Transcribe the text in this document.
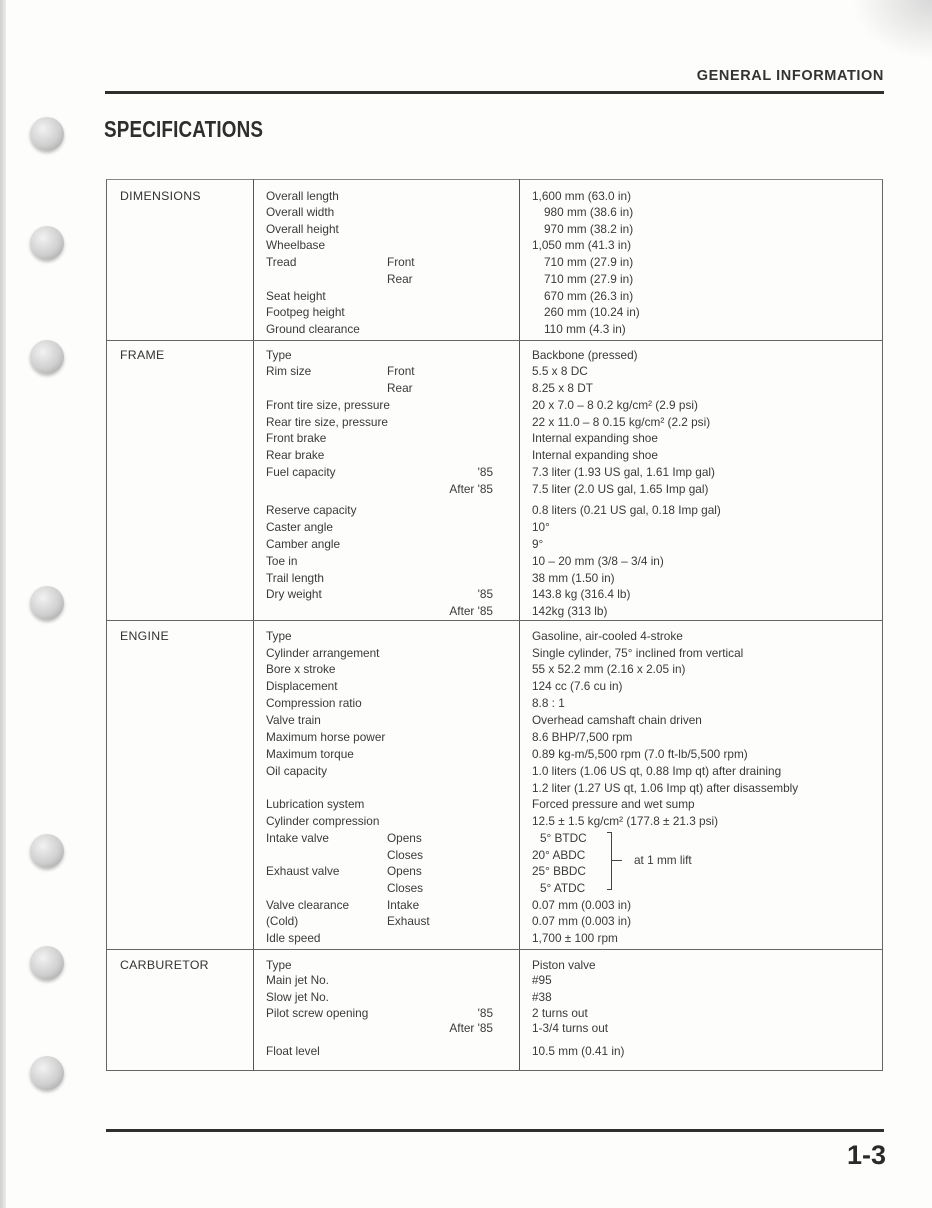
GENERAL INFORMATION
SPECIFICATIONS
DIMENSIONS	Overall length	1,600 mm (63.0 in)
Overall width	980 mm (38.6 in)
Overall height	970 mm (38.2 in)
Wheelbase	1,050 mm (41.3 in)
Tread	Front	710 mm (27.9 in)
Rear	710 mm (27.9 in)
Seat height	670 mm (26.3 in)
Footpeg height	260 mm (10.24 in)
Ground clearance	110 mm (4.3 in)
FRAME	Type	Backbone (pressed)
Rim size	Front	5.5 x 8 DC
Rear	8.25 x 8 DT
Front tire size, pressure	20 x 7.0 – 8 0.2 kg/cm² (2.9 psi)
Rear tire size, pressure	22 x 11.0 – 8 0.15 kg/cm² (2.2 psi)
Front brake	Internal expanding shoe
Rear brake	Internal expanding shoe
Fuel capacity	'85	7.3 liter (1.93 US gal, 1.61 Imp gal)
After '85	7.5 liter (2.0 US gal, 1.65 Imp gal)
Reserve capacity	0.8 liters (0.21 US gal, 0.18 Imp gal)
Caster angle	10°
Camber angle	9°
Toe in	10 – 20 mm (3/8 – 3/4 in)
Trail length	38 mm (1.50 in)
Dry weight	'85	143.8 kg (316.4 lb)
After '85	142kg (313 lb)
ENGINE	Type	Gasoline, air-cooled 4-stroke
Cylinder arrangement	Single cylinder, 75° inclined from vertical
Bore x stroke	55 x 52.2 mm (2.16 x 2.05 in)
Displacement	124 cc (7.6 cu in)
Compression ratio	8.8 : 1
Valve train	Overhead camshaft chain driven
Maximum horse power	8.6 BHP/7,500 rpm
Maximum torque	0.89 kg-m/5,500 rpm (7.0 ft-lb/5,500 rpm)
Oil capacity	1.0 liters (1.06 US qt, 0.88 Imp qt) after draining
1.2 liter (1.27 US qt, 1.06 Imp qt) after disassembly
Lubrication system	Forced pressure and wet sump
Cylinder compression	12.5 ± 1.5 kg/cm² (177.8 ± 21.3 psi)
Intake valve	Opens	5° BTDC
Closes	20° ABDC
Exhaust valve	Opens	25° BBDC
Closes	5° ATDC
Valve clearance	Intake	0.07 mm (0.003 in)
(Cold)	Exhaust	0.07 mm (0.003 in)
Idle speed	1,700 ± 100 rpm
CARBURETOR	Type	Piston valve
Main jet No.	#95
Slow jet No.	#38
Pilot screw opening	'85	2 turns out
After '85	1-3/4 turns out
Float level	10.5 mm (0.41 in)
at 1 mm lift
1-3
